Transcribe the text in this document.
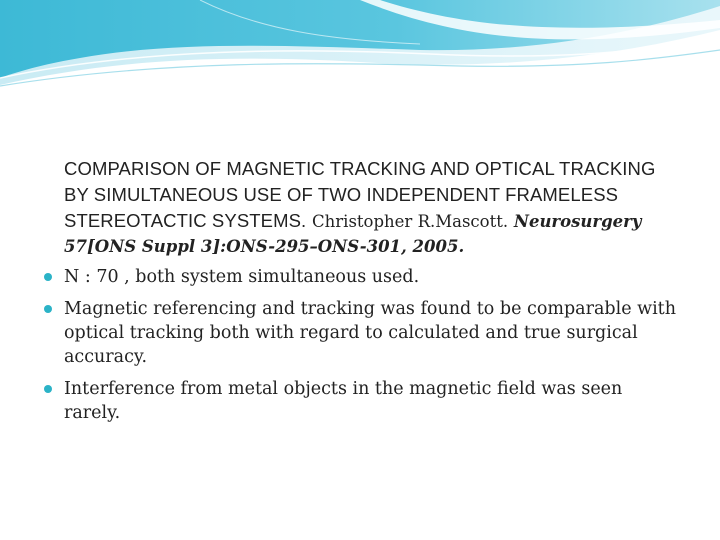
COMPARISON OF MAGNETIC TRACKING AND OPTICAL TRACKING BY SIMULTANEOUS USE OF TWO INDEPENDENT FRAMELESS STEREOTACTIC SYSTEMS. Christopher R.Mascott. Neurosurgery 57[ONS Suppl 3]:ONS-295–ONS-301, 2005.

N : 70 , both system simultaneous used.
Magnetic referencing and tracking was found to be comparable with optical tracking both with regard to calculated and true surgical accuracy.
Interference from metal objects in the magnetic field was seen rarely.
